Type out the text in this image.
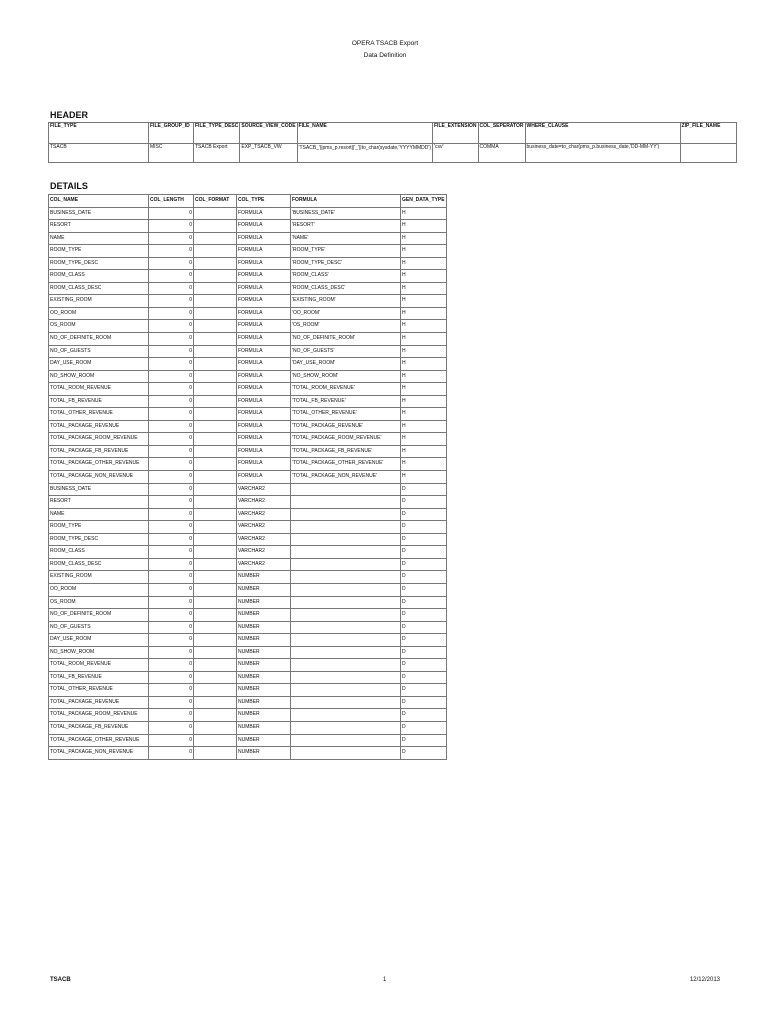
OPERA TSACB Export
Data Definition
HEADER
FILE_TYPE	FILE_GROUP_ID	FILE_TYPE_DESC	SOURCE_VIEW_CODE	FILE_NAME	FILE_EXTENSION	COL_SEPERATOR	WHERE_CLAUSE	ZIP_FILE_NAME
TSACB	MISC	TSACB Export	EXP_TSACB_VW	'TSACB_'||pms_p.resort||'_'||to_char(sysdate,'YYYYMMDD')	'csv'	COMMA	business_date=to_char(pms_p.business_date,'DD-MM-YY')	
DETAILS
COL_NAME	COL_LENGTH	COL_FORMAT	COL_TYPE	FORMULA	GEN_DATA_TYPE
BUSINESS_DATE	0		FORMULA	'BUSINESS_DATE'	H
RESORT	0		FORMULA	'RESORT'	H
NAME	0		FORMULA	'NAME'	H
ROOM_TYPE	0		FORMULA	'ROOM_TYPE'	H
ROOM_TYPE_DESC	0		FORMULA	'ROOM_TYPE_DESC'	H
ROOM_CLASS	0		FORMULA	'ROOM_CLASS'	H
ROOM_CLASS_DESC	0		FORMULA	'ROOM_CLASS_DESC'	H
EXISTING_ROOM	0		FORMULA	'EXISTING_ROOM'	H
OO_ROOM	0		FORMULA	'OO_ROOM'	H
OS_ROOM	0		FORMULA	'OS_ROOM'	H
NO_OF_DEFINITE_ROOM	0		FORMULA	'NO_OF_DEFINITE_ROOM'	H
NO_OF_GUESTS	0		FORMULA	'NO_OF_GUESTS'	H
DAY_USE_ROOM	0		FORMULA	'DAY_USE_ROOM'	H
NO_SHOW_ROOM	0		FORMULA	'NO_SHOW_ROOM'	H
TOTAL_ROOM_REVENUE	0		FORMULA	'TOTAL_ROOM_REVENUE'	H
TOTAL_FB_REVENUE	0		FORMULA	'TOTAL_FB_REVENUE'	H
TOTAL_OTHER_REVENUE	0		FORMULA	'TOTAL_OTHER_REVENUE'	H
TOTAL_PACKAGE_REVENUE	0		FORMULA	'TOTAL_PACKAGE_REVENUE'	H
TOTAL_PACKAGE_ROOM_REVENUE	0		FORMULA	'TOTAL_PACKAGE_ROOM_REVENUE'	H
TOTAL_PACKAGE_FB_REVENUE	0		FORMULA	'TOTAL_PACKAGE_FB_REVENUE'	H
TOTAL_PACKAGE_OTHER_REVENUE	0		FORMULA	'TOTAL_PACKAGE_OTHER_REVENUE'	H
TOTAL_PACKAGE_NON_REVENUE	0		FORMULA	'TOTAL_PACKAGE_NON_REVENUE'	H
BUSINESS_DATE	0		VARCHAR2		D
RESORT	0		VARCHAR2		D
NAME	0		VARCHAR2		D
ROOM_TYPE	0		VARCHAR2		D
ROOM_TYPE_DESC	0		VARCHAR2		D
ROOM_CLASS	0		VARCHAR2		D
ROOM_CLASS_DESC	0		VARCHAR2		D
EXISTING_ROOM	0		NUMBER		D
OO_ROOM	0		NUMBER		D
OS_ROOM	0		NUMBER		D
NO_OF_DEFINITE_ROOM	0		NUMBER		D
NO_OF_GUESTS	0		NUMBER		D
DAY_USE_ROOM	0		NUMBER		D
NO_SHOW_ROOM	0		NUMBER		D
TOTAL_ROOM_REVENUE	0		NUMBER		D
TOTAL_FB_REVENUE	0		NUMBER		D
TOTAL_OTHER_REVENUE	0		NUMBER		D
TOTAL_PACKAGE_REVENUE	0		NUMBER		D
TOTAL_PACKAGE_ROOM_REVENUE	0		NUMBER		D
TOTAL_PACKAGE_FB_REVENUE	0		NUMBER		D
TOTAL_PACKAGE_OTHER_REVENUE	0		NUMBER		D
TOTAL_PACKAGE_NON_REVENUE	0		NUMBER		D
TSACB	1	12/12/2013
